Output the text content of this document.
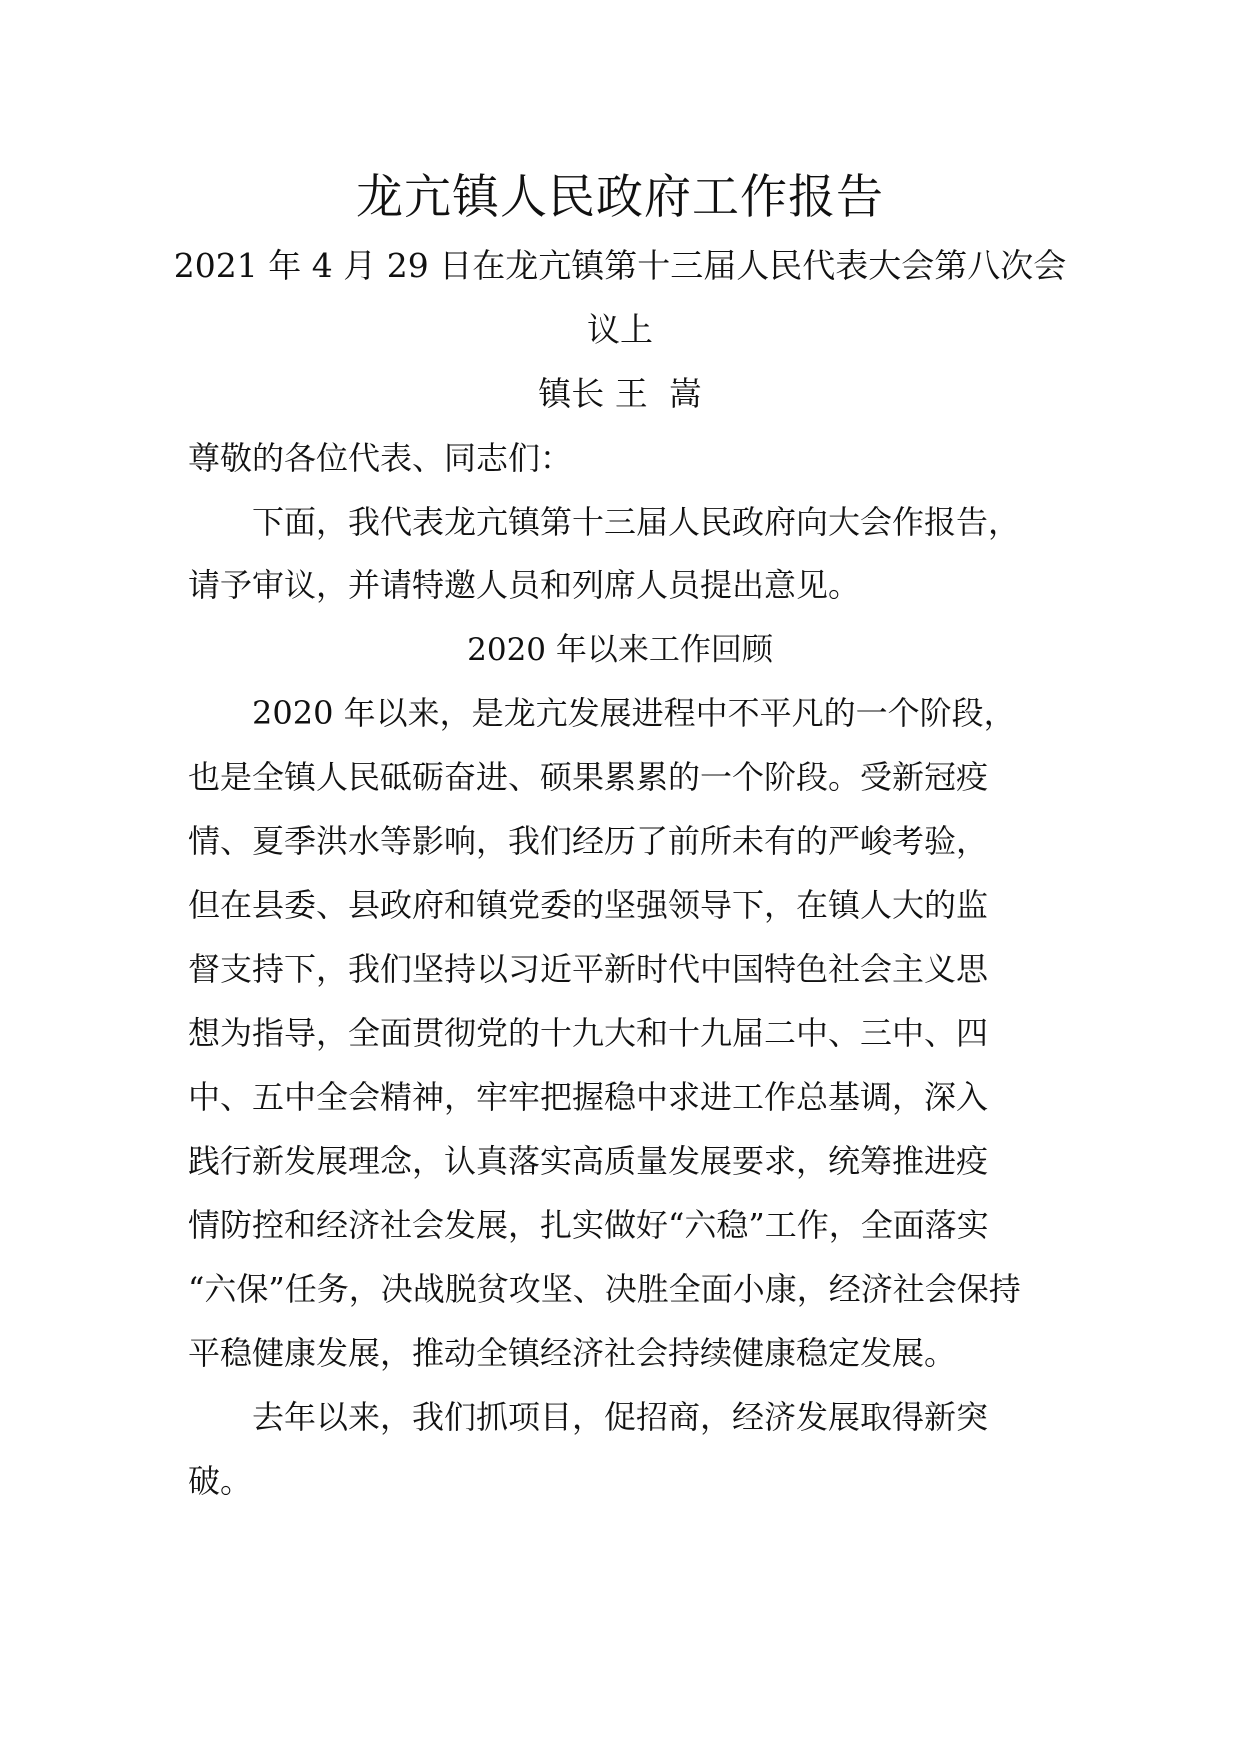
龙亢镇人民政府工作报告
2021 年 4 月 29 日在龙亢镇第十三届人民代表大会第八次会
议上
镇长 王  嵩
尊敬的各位代表、同志们：
　　下面，我代表龙亢镇第十三届人民政府向大会作报告，
请予审议，并请特邀人员和列席人员提出意见。
2020 年以来工作回顾
　　2020 年以来，是龙亢发展进程中不平凡的一个阶段，
也是全镇人民砥砺奋进、硕果累累的一个阶段。受新冠疫
情、夏季洪水等影响，我们经历了前所未有的严峻考验，
但在县委、县政府和镇党委的坚强领导下，在镇人大的监
督支持下，我们坚持以习近平新时代中国特色社会主义思
想为指导，全面贯彻党的十九大和十九届二中、三中、四
中、五中全会精神，牢牢把握稳中求进工作总基调，深入
践行新发展理念，认真落实高质量发展要求，统筹推进疫
情防控和经济社会发展，扎实做好“六稳”工作，全面落实
“六保”任务，决战脱贫攻坚、决胜全面小康，经济社会保持
平稳健康发展，推动全镇经济社会持续健康稳定发展。
　　去年以来，我们抓项目，促招商，经济发展取得新突
破。
